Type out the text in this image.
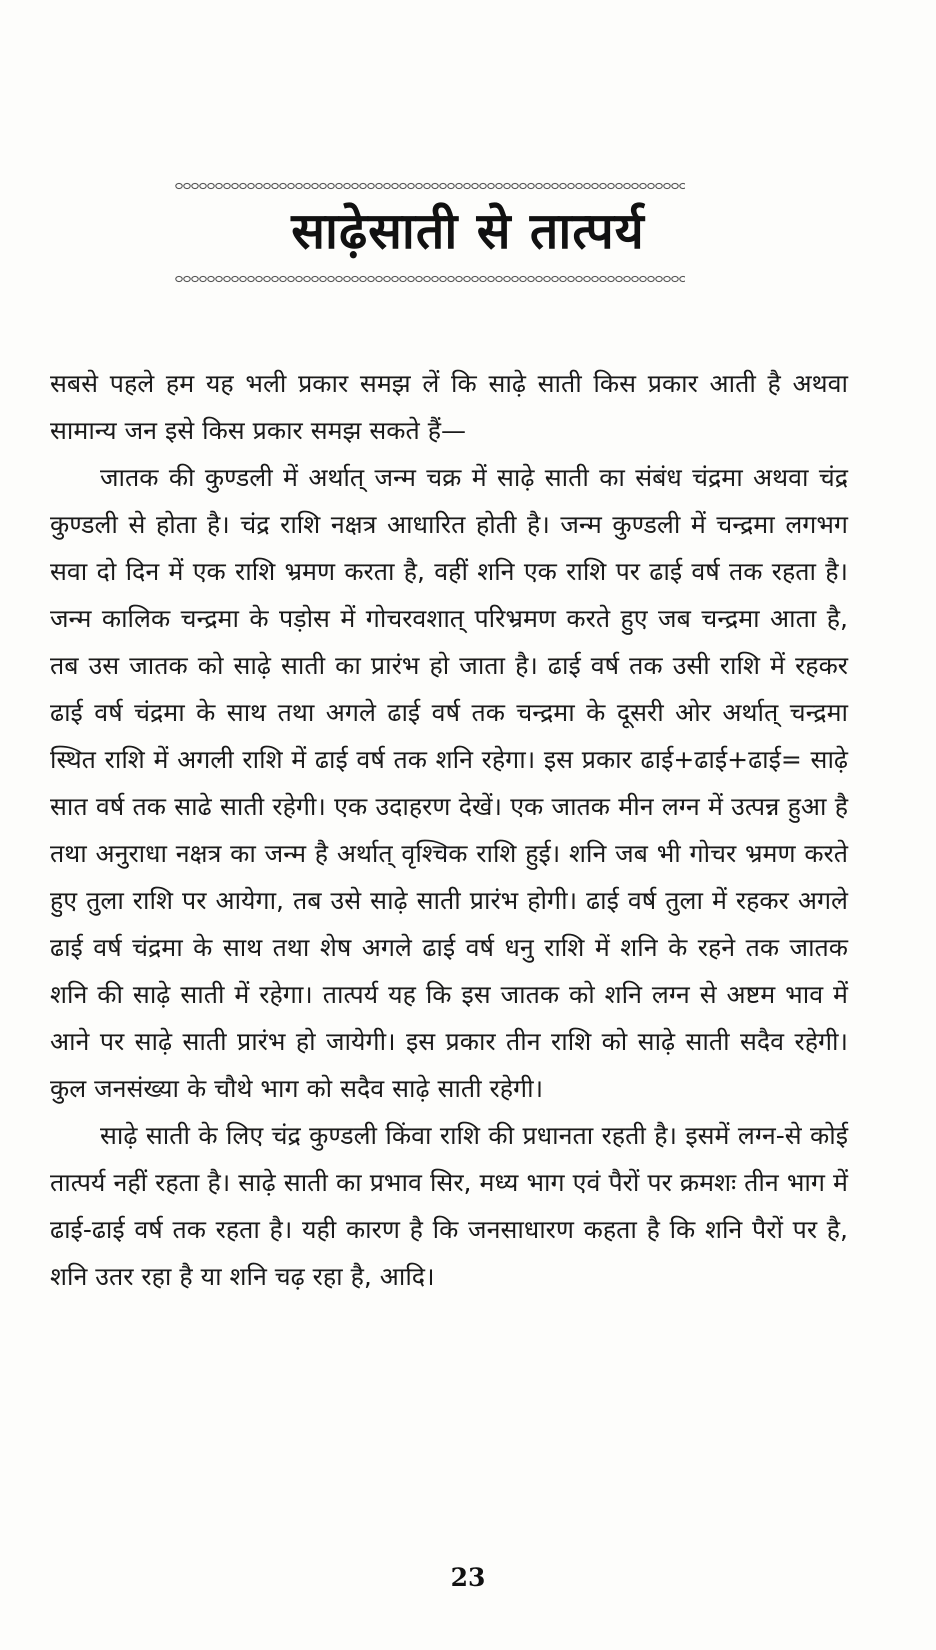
साढ़ेसाती से तात्पर्य

सबसे पहले हम यह भली प्रकार समझ लें कि साढ़े साती किस प्रकार आती है अथवा सामान्य जन इसे किस प्रकार समझ सकते हैं—

जातक की कुण्डली में अर्थात् जन्म चक्र में साढ़े साती का संबंध चंद्रमा अथवा चंद्र कुण्डली से होता है। चंद्र राशि नक्षत्र आधारित होती है। जन्म कुण्डली में चन्द्रमा लगभग सवा दो दिन में एक राशि भ्रमण करता है, वहीं शनि एक राशि पर ढाई वर्ष तक रहता है। जन्म कालिक चन्द्रमा के पड़ोस में गोचरवशात् परिभ्रमण करते हुए जब चन्द्रमा आता है, तब उस जातक को साढ़े साती का प्रारंभ हो जाता है। ढाई वर्ष तक उसी राशि में रहकर ढाई वर्ष चंद्रमा के साथ तथा अगले ढाई वर्ष तक चन्द्रमा के दूसरी ओर अर्थात् चन्द्रमा स्थित राशि में अगली राशि में ढाई वर्ष तक शनि रहेगा। इस प्रकार ढाई+ढाई+ढाई= साढ़े सात वर्ष तक साढे साती रहेगी। एक उदाहरण देखें। एक जातक मीन लग्न में उत्पन्न हुआ है तथा अनुराधा नक्षत्र का जन्म है अर्थात् वृश्चिक राशि हुई। शनि जब भी गोचर भ्रमण करते हुए तुला राशि पर आयेगा, तब उसे साढ़े साती प्रारंभ होगी। ढाई वर्ष तुला में रहकर अगले ढाई वर्ष चंद्रमा के साथ तथा शेष अगले ढाई वर्ष धनु राशि में शनि के रहने तक जातक शनि की साढ़े साती में रहेगा। तात्पर्य यह कि इस जातक को शनि लग्न से अष्टम भाव में आने पर साढ़े साती प्रारंभ हो जायेगी। इस प्रकार तीन राशि को साढ़े साती सदैव रहेगी। कुल जनसंख्या के चौथे भाग को सदैव साढ़े साती रहेगी।

साढ़े साती के लिए चंद्र कुण्डली किंवा राशि की प्रधानता रहती है। इसमें लग्न-से कोई तात्पर्य नहीं रहता है। साढ़े साती का प्रभाव सिर, मध्य भाग एवं पैरों पर क्रमशः तीन भाग में ढाई-ढाई वर्ष तक रहता है। यही कारण है कि जनसाधारण कहता है कि शनि पैरों पर है, शनि उतर रहा है या शनि चढ़ रहा है, आदि।

23
